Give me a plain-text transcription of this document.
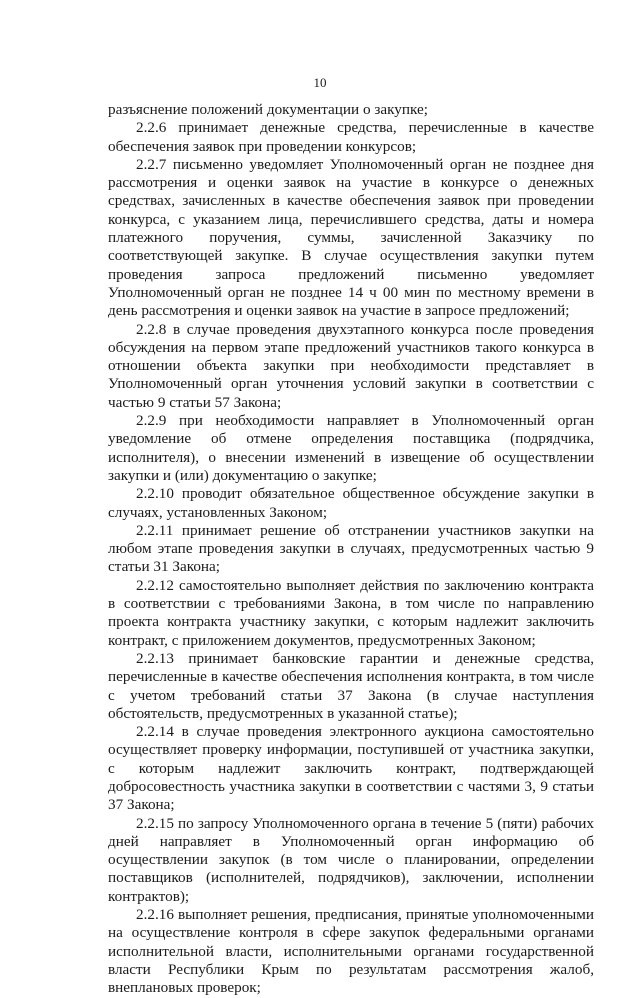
10

разъяснение положений документации о закупке;

2.2.6 принимает денежные средства, перечисленные в качестве обеспечения заявок при проведении конкурсов;

2.2.7 письменно уведомляет Уполномоченный орган не позднее дня рассмотрения и оценки заявок на участие в конкурсе о денежных средствах, зачисленных в качестве обеспечения заявок при проведении конкурса, с указанием лица, перечислившего средства, даты и номера платежного поручения, суммы, зачисленной Заказчику по соответствующей закупке. В случае осуществления закупки путем проведения запроса предложений письменно уведомляет Уполномоченный орган не позднее 14 ч 00 мин по местному времени в день рассмотрения и оценки заявок на участие в запросе предложений;

2.2.8 в случае проведения двухэтапного конкурса после проведения обсуждения на первом этапе предложений участников такого конкурса в отношении объекта закупки при необходимости представляет в Уполномоченный орган уточнения условий закупки в соответствии с частью 9 статьи 57 Закона;

2.2.9 при необходимости направляет в Уполномоченный орган уведомление об отмене определения поставщика (подрядчика, исполнителя), о внесении изменений в извещение об осуществлении закупки и (или) документацию о закупке;

2.2.10 проводит обязательное общественное обсуждение закупки в случаях, установленных Законом;

2.2.11 принимает решение об отстранении участников закупки на любом этапе проведения закупки в случаях, предусмотренных частью 9 статьи 31 Закона;

2.2.12 самостоятельно выполняет действия по заключению контракта в соответствии с требованиями Закона, в том числе по направлению проекта контракта участнику закупки, с которым надлежит заключить контракт, с приложением документов, предусмотренных Законом;

2.2.13 принимает банковские гарантии и денежные средства, перечисленные в качестве обеспечения исполнения контракта, в том числе с учетом требований статьи 37 Закона (в случае наступления обстоятельств, предусмотренных в указанной статье);

2.2.14 в случае проведения электронного аукциона самостоятельно осуществляет проверку информации, поступившей от участника закупки, с которым надлежит заключить контракт, подтверждающей добросовестность участника закупки в соответствии с частями 3, 9 статьи 37 Закона;

2.2.15 по запросу Уполномоченного органа в течение 5 (пяти) рабочих дней направляет в Уполномоченный орган информацию об осуществлении закупок (в том числе о планировании, определении поставщиков (исполнителей, подрядчиков), заключении, исполнении контрактов);

2.2.16 выполняет решения, предписания, принятые уполномоченными на осуществление контроля в сфере закупок федеральными органами исполнительной власти, исполнительными органами государственной власти Республики Крым по результатам рассмотрения жалоб, внеплановых проверок;
